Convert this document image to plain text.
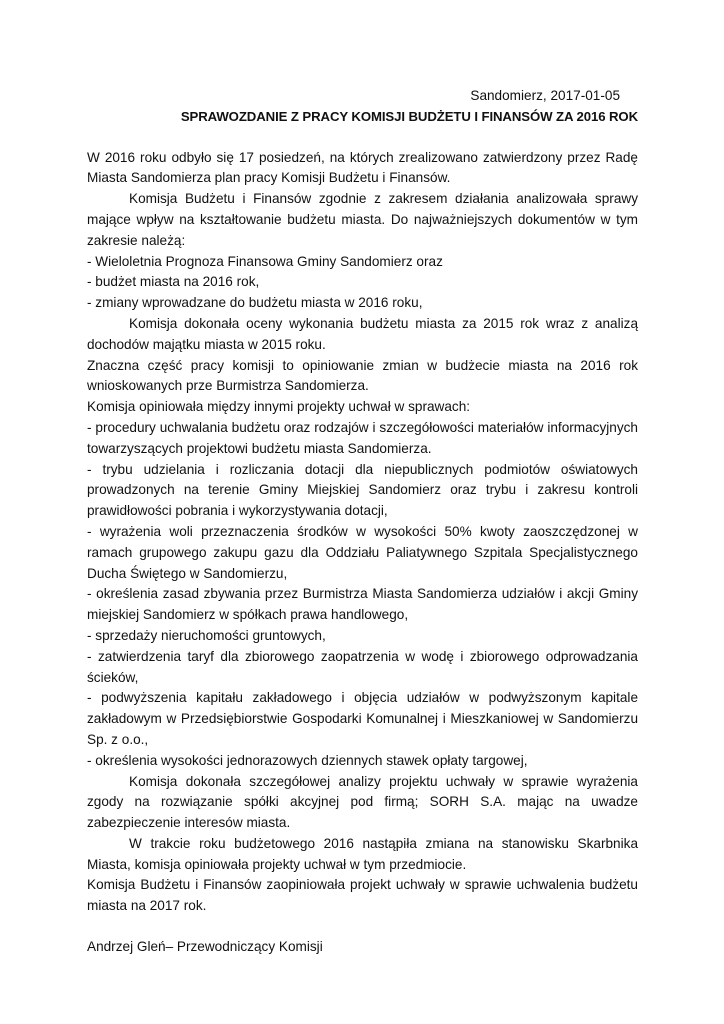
Sandomierz, 2017-01-05
SPRAWOZDANIE Z PRACY KOMISJI BUDŻETU I FINANSÓW ZA 2016 ROK

W 2016 roku odbyło się 17 posiedzeń, na których zrealizowano zatwierdzony przez Radę Miasta Sandomierza plan pracy Komisji Budżetu i Finansów.

Komisja Budżetu i Finansów zgodnie z zakresem działania analizowała sprawy mające wpływ na kształtowanie budżetu miasta. Do najważniejszych dokumentów w tym zakresie należą:

- Wieloletnia Prognoza Finansowa Gminy Sandomierz oraz

- budżet miasta na 2016 rok,

- zmiany wprowadzane do budżetu miasta w 2016 roku,

Komisja dokonała oceny wykonania budżetu miasta za 2015 rok wraz z analizą dochodów majątku miasta w 2015 roku.

Znaczna część pracy komisji to opiniowanie zmian w budżecie miasta na 2016 rok wnioskowanych prze Burmistrza Sandomierza.

Komisja opiniowała między innymi projekty uchwał w sprawach:

- procedury uchwalania budżetu oraz rodzajów i szczegółowości materiałów informacyjnych towarzyszących projektowi budżetu miasta Sandomierza.

- trybu udzielania i rozliczania dotacji dla niepublicznych podmiotów oświatowych prowadzonych na terenie Gminy Miejskiej Sandomierz oraz trybu i zakresu kontroli prawidłowości pobrania i wykorzystywania dotacji,

- wyrażenia woli przeznaczenia środków w wysokości 50% kwoty zaoszczędzonej w ramach grupowego zakupu gazu dla Oddziału Paliatywnego Szpitala Specjalistycznego Ducha Świętego w Sandomierzu,

- określenia zasad zbywania przez Burmistrza Miasta Sandomierza udziałów i akcji Gminy miejskiej Sandomierz w spółkach prawa handlowego,

- sprzedaży nieruchomości gruntowych,

- zatwierdzenia taryf dla zbiorowego zaopatrzenia w wodę i zbiorowego odprowadzania ścieków,

- podwyższenia kapitału zakładowego i objęcia udziałów w podwyższonym kapitale zakładowym w Przedsiębiorstwie Gospodarki Komunalnej i Mieszkaniowej w Sandomierzu Sp. z o.o.,

- określenia wysokości jednorazowych dziennych stawek opłaty targowej,

Komisja dokonała szczegółowej analizy projektu uchwały w sprawie wyrażenia zgody na rozwiązanie spółki akcyjnej pod firmą; SORH S.A. mając na uwadze zabezpieczenie interesów miasta.

W trakcie roku budżetowego 2016 nastąpiła zmiana na stanowisku Skarbnika Miasta, komisja opiniowała projekty uchwał w tym przedmiocie.

Komisja Budżetu i Finansów zaopiniowała projekt uchwały w sprawie uchwalenia budżetu miasta na 2017 rok.

Andrzej Gleń– Przewodniczący Komisji
